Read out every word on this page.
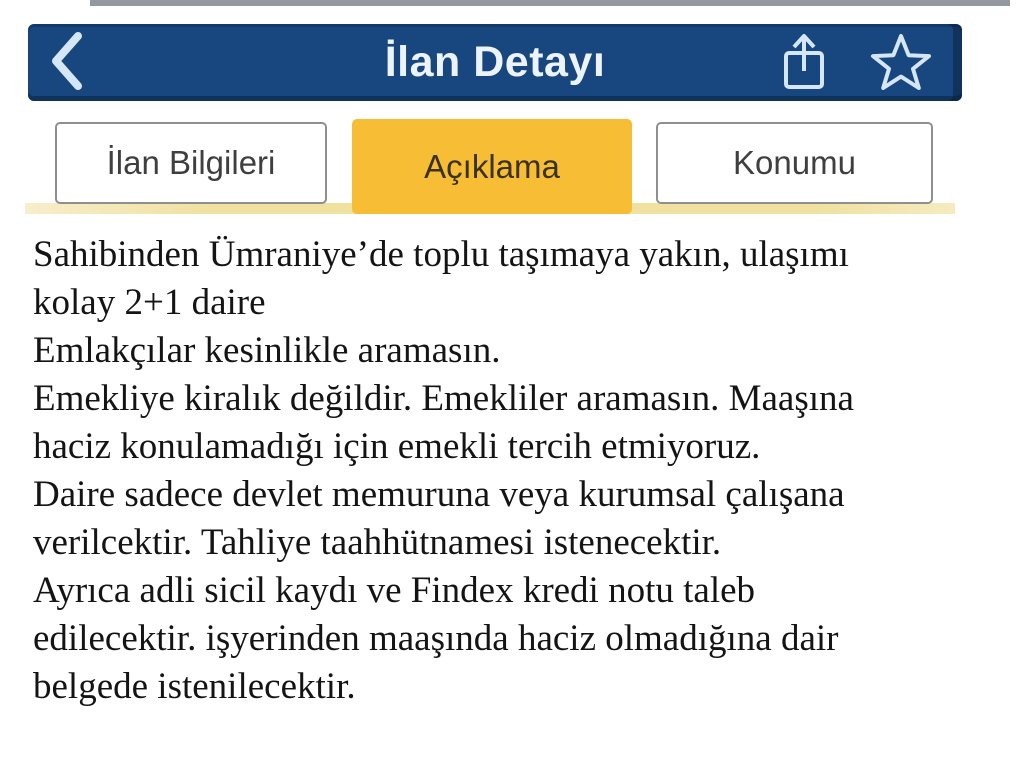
İlan Detayı
İlan Bilgileri	Açıklama	Konumu
Sahibinden Ümraniye’de toplu taşımaya yakın, ulaşımı
kolay 2+1 daire
Emlakçılar kesinlikle aramasın.
Emekliye kiralık değildir. Emekliler aramasın. Maaşına
haciz konulamadığı için emekli tercih etmiyoruz.
Daire sadece devlet memuruna veya kurumsal çalışana
verilcektir. Tahliye taahhütnamesi istenecektir.
Ayrıca adli sicil kaydı ve Findex kredi notu taleb
edilecektir. işyerinden maaşında haciz olmadığına dair
belgede istenilecektir.
